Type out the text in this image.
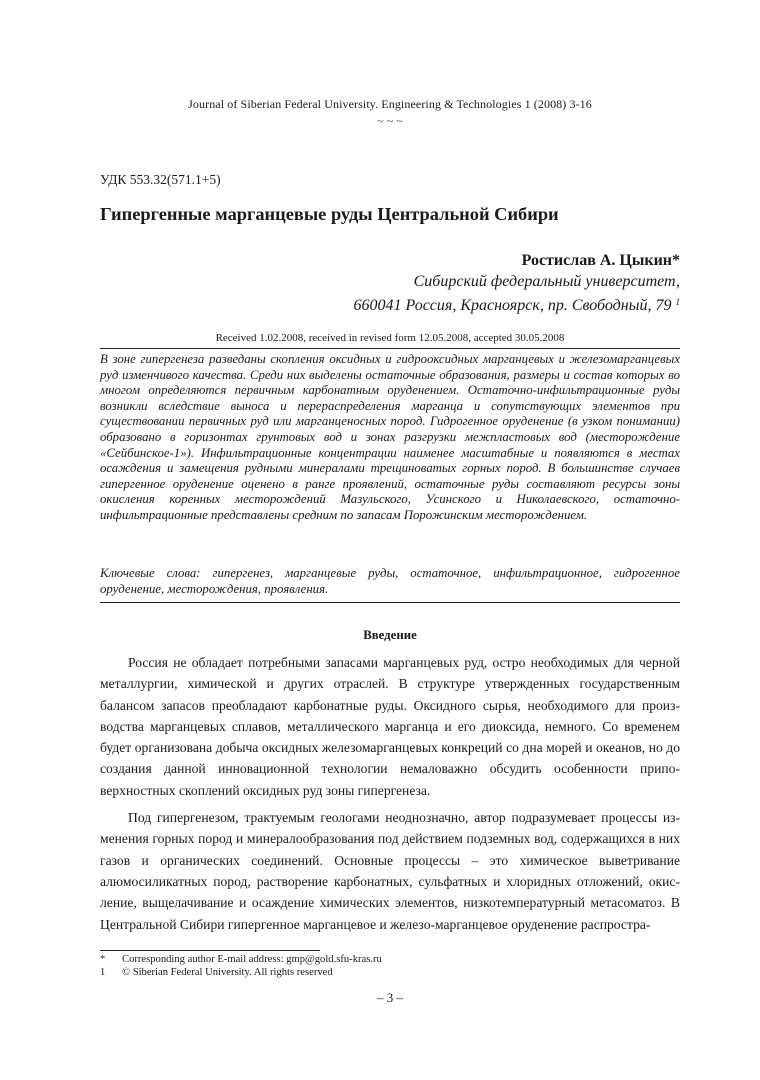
Journal of Siberian Federal University. Engineering & Technologies 1 (2008) 3-16
~ ~ ~
УДК 553.32(571.1+5)
Гипергенные марганцевые руды Центральной Сибири
Ростислав А. Цыкин*
Сибирский федеральный университет,
660041 Россия, Красноярск, пр. Свободный, 79 $^1$
Received 1.02.2008, received in revised form 12.05.2008, accepted 30.05.2008

В зоне гипергенеза разведаны скопления оксидных и гидрооксидных марганцевых и железомарганцевых руд изменчивого качества. Среди них выделены остаточные образования, размеры и состав которых во многом определяются первичным карбонатным оруденением. Остаточно-инфильтрационные руды возникли вследствие выноса и перераспределения марганца и сопутствующих элементов при существовании первичных руд или марганценосных пород. Гидрогенное оруденение (в узком понимании) образовано в горизонтах грунтовых вод и зонах разгрузки межпластовых вод (месторождение «Сейбинское-1»). Инфильтрационные концентрации наименее масштабные и появляются в местах осаждения и замещения рудными минералами трещиноватых горных пород. В большинстве случаев гипергенное оруденение оценено в ранге проявлений, остаточные руды составляют ресурсы зоны окисления коренных месторождений Мазульского, Усинского и Николаевского, остаточно-инфильтрационные представлены средним по запасам Порожинским месторождением.

Ключевые слова: гипергенез, марганцевые руды, остаточное, инфильтрационное, гидрогенное оруденение, месторождения, проявления.

Введение

Россия не обладает потребными запасами марганцевых руд, остро необходимых для черной металлургии, химической и других отраслей. В структуре утвержденных государственным балансом запасов преобладают карбонатные руды. Оксидного сырья, необходимого для производства марганцевых сплавов, металлического марганца и его диоксида, немного. Со временем будет организована добыча оксидных железомарганцевых конкреций со дна морей и океанов, но до создания данной инновационной технологии немаловажно обсудить особенности приповерхностных скоплений оксидных руд зоны гипергенеза.

Под гипергенезом, трактуемым геологами неоднозначно, автор подразумевает процессы изменения горных пород и минералообразования под действием подземных вод, содержащихся в них газов и органических соединений. Основные процессы – это химическое выветривание алюмосиликатных пород, растворение карбонатных, сульфатных и хлоридных отложений, окисление, выщелачивание и осаждение химических элементов, низкотемпературный метасоматоз. В Центральной Сибири гипергенное марганцевое и железо-марганцевое оруденение распростра-

*	Corresponding author E-mail address: gmp@gold.sfu-kras.ru
1	© Siberian Federal University. All rights reserved
– 3 –
